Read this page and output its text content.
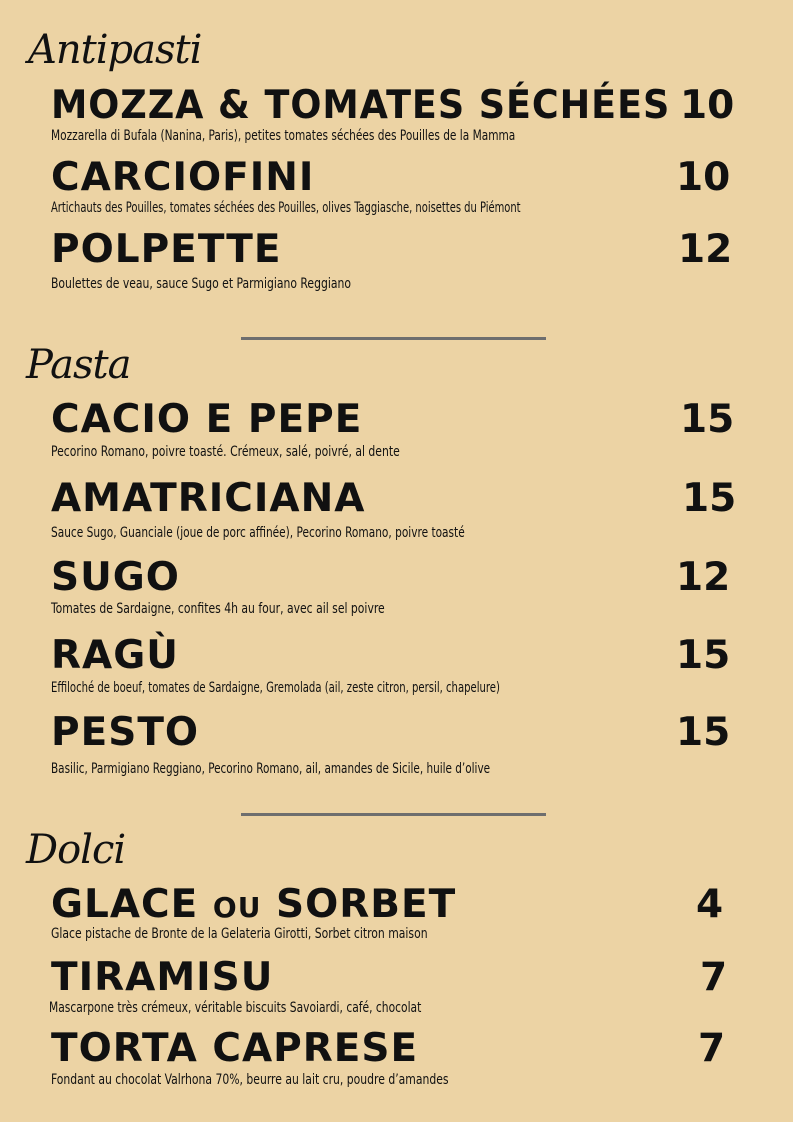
Antipasti
MOZZA & TOMATES SÉCHÉES 10
Mozzarella di Bufala (Nanina, Paris), petites tomates séchées des Pouilles de la Mamma
CARCIOFINI	10
Artichauts des Pouilles, tomates séchées des Pouilles, olives Taggiasche, noisettes du Piémont
POLPETTE	12
Boulettes de veau, sauce Sugo et Parmigiano Reggiano
Pasta
CACIO E PEPE	15
Pecorino Romano, poivre toasté. Crémeux, salé, poivré, al dente
AMATRICIANA	15
Sauce Sugo, Guanciale (joue de porc affinée), Pecorino Romano, poivre toasté
SUGO	12
Tomates de Sardaigne, confites 4h au four, avec ail sel poivre
RAGÙ	15
Effiloché de boeuf, tomates de Sardaigne, Gremolada (ail, zeste citron, persil, chapelure)
PESTO	15
Basilic, Parmigiano Reggiano, Pecorino Romano, ail, amandes de Sicile, huile d’olive
Dolci
GLACE OU SORBET	4
Glace pistache de Bronte de la Gelateria Girotti, Sorbet citron maison
TIRAMISU	7
Mascarpone très crémeux, véritable biscuits Savoiardi, café, chocolat
TORTA CAPRESE	7
Fondant au chocolat Valrhona 70%, beurre au lait cru, poudre d’amandes
